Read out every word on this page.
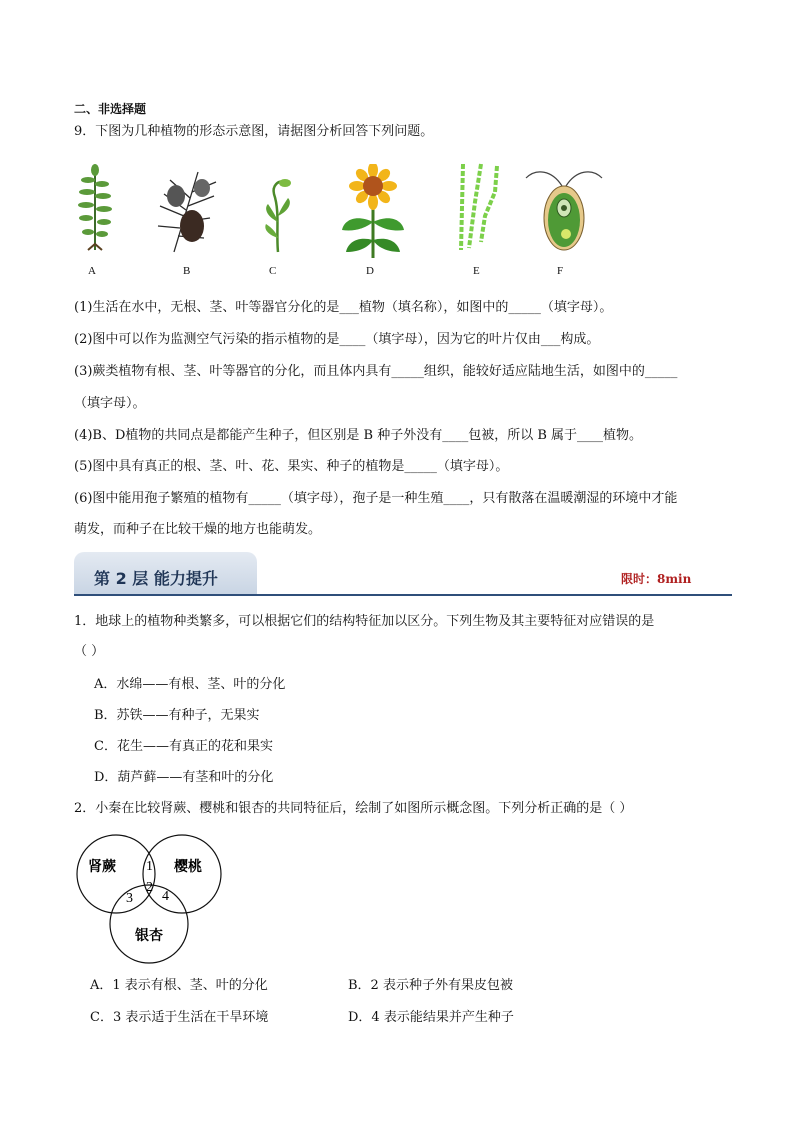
二、非选择题
9．下图为几种植物的形态示意图，请据图分析回答下列问题。
A	B	C	D	E	F
(1)生活在水中，无根、茎、叶等器官分化的是___植物（填名称），如图中的_____（填字母）。
(2)图中可以作为监测空气污染的指示植物的是____（填字母），因为它的叶片仅由___构成。
(3)蕨类植物有根、茎、叶等器官的分化，而且体内具有_____组织，能较好适应陆地生活，如图中的_____
（填字母）。
(4)B、D植物的共同点是都能产生种子，但区别是 B 种子外没有____包被，所以 B 属于____植物。
(5)图中具有真正的根、茎、叶、花、果实、种子的植物是_____（填字母）。
(6)图中能用孢子繁殖的植物有_____（填字母），孢子是一种生殖____，只有散落在温暖潮湿的环境中才能
萌发，而种子在比较干燥的地方也能萌发。
第 2 层 能力提升	限时：8min
1．地球上的植物种类繁多，可以根据它们的结构特征加以区分。下列生物及其主要特征对应错误的是
（ ）
A．水绵——有根、茎、叶的分化
B．苏铁——有种子，无果实
C．花生——有真正的花和果实
D．葫芦藓——有茎和叶的分化
2．小秦在比较肾蕨、樱桃和银杏的共同特征后，绘制了如图所示概念图。下列分析正确的是（ ）
肾蕨	樱桃
银杏
1
2
3 4
A．1 表示有根、茎、叶的分化	B．2 表示种子外有果皮包被
C．3 表示适于生活在干旱环境	D．4 表示能结果并产生种子
